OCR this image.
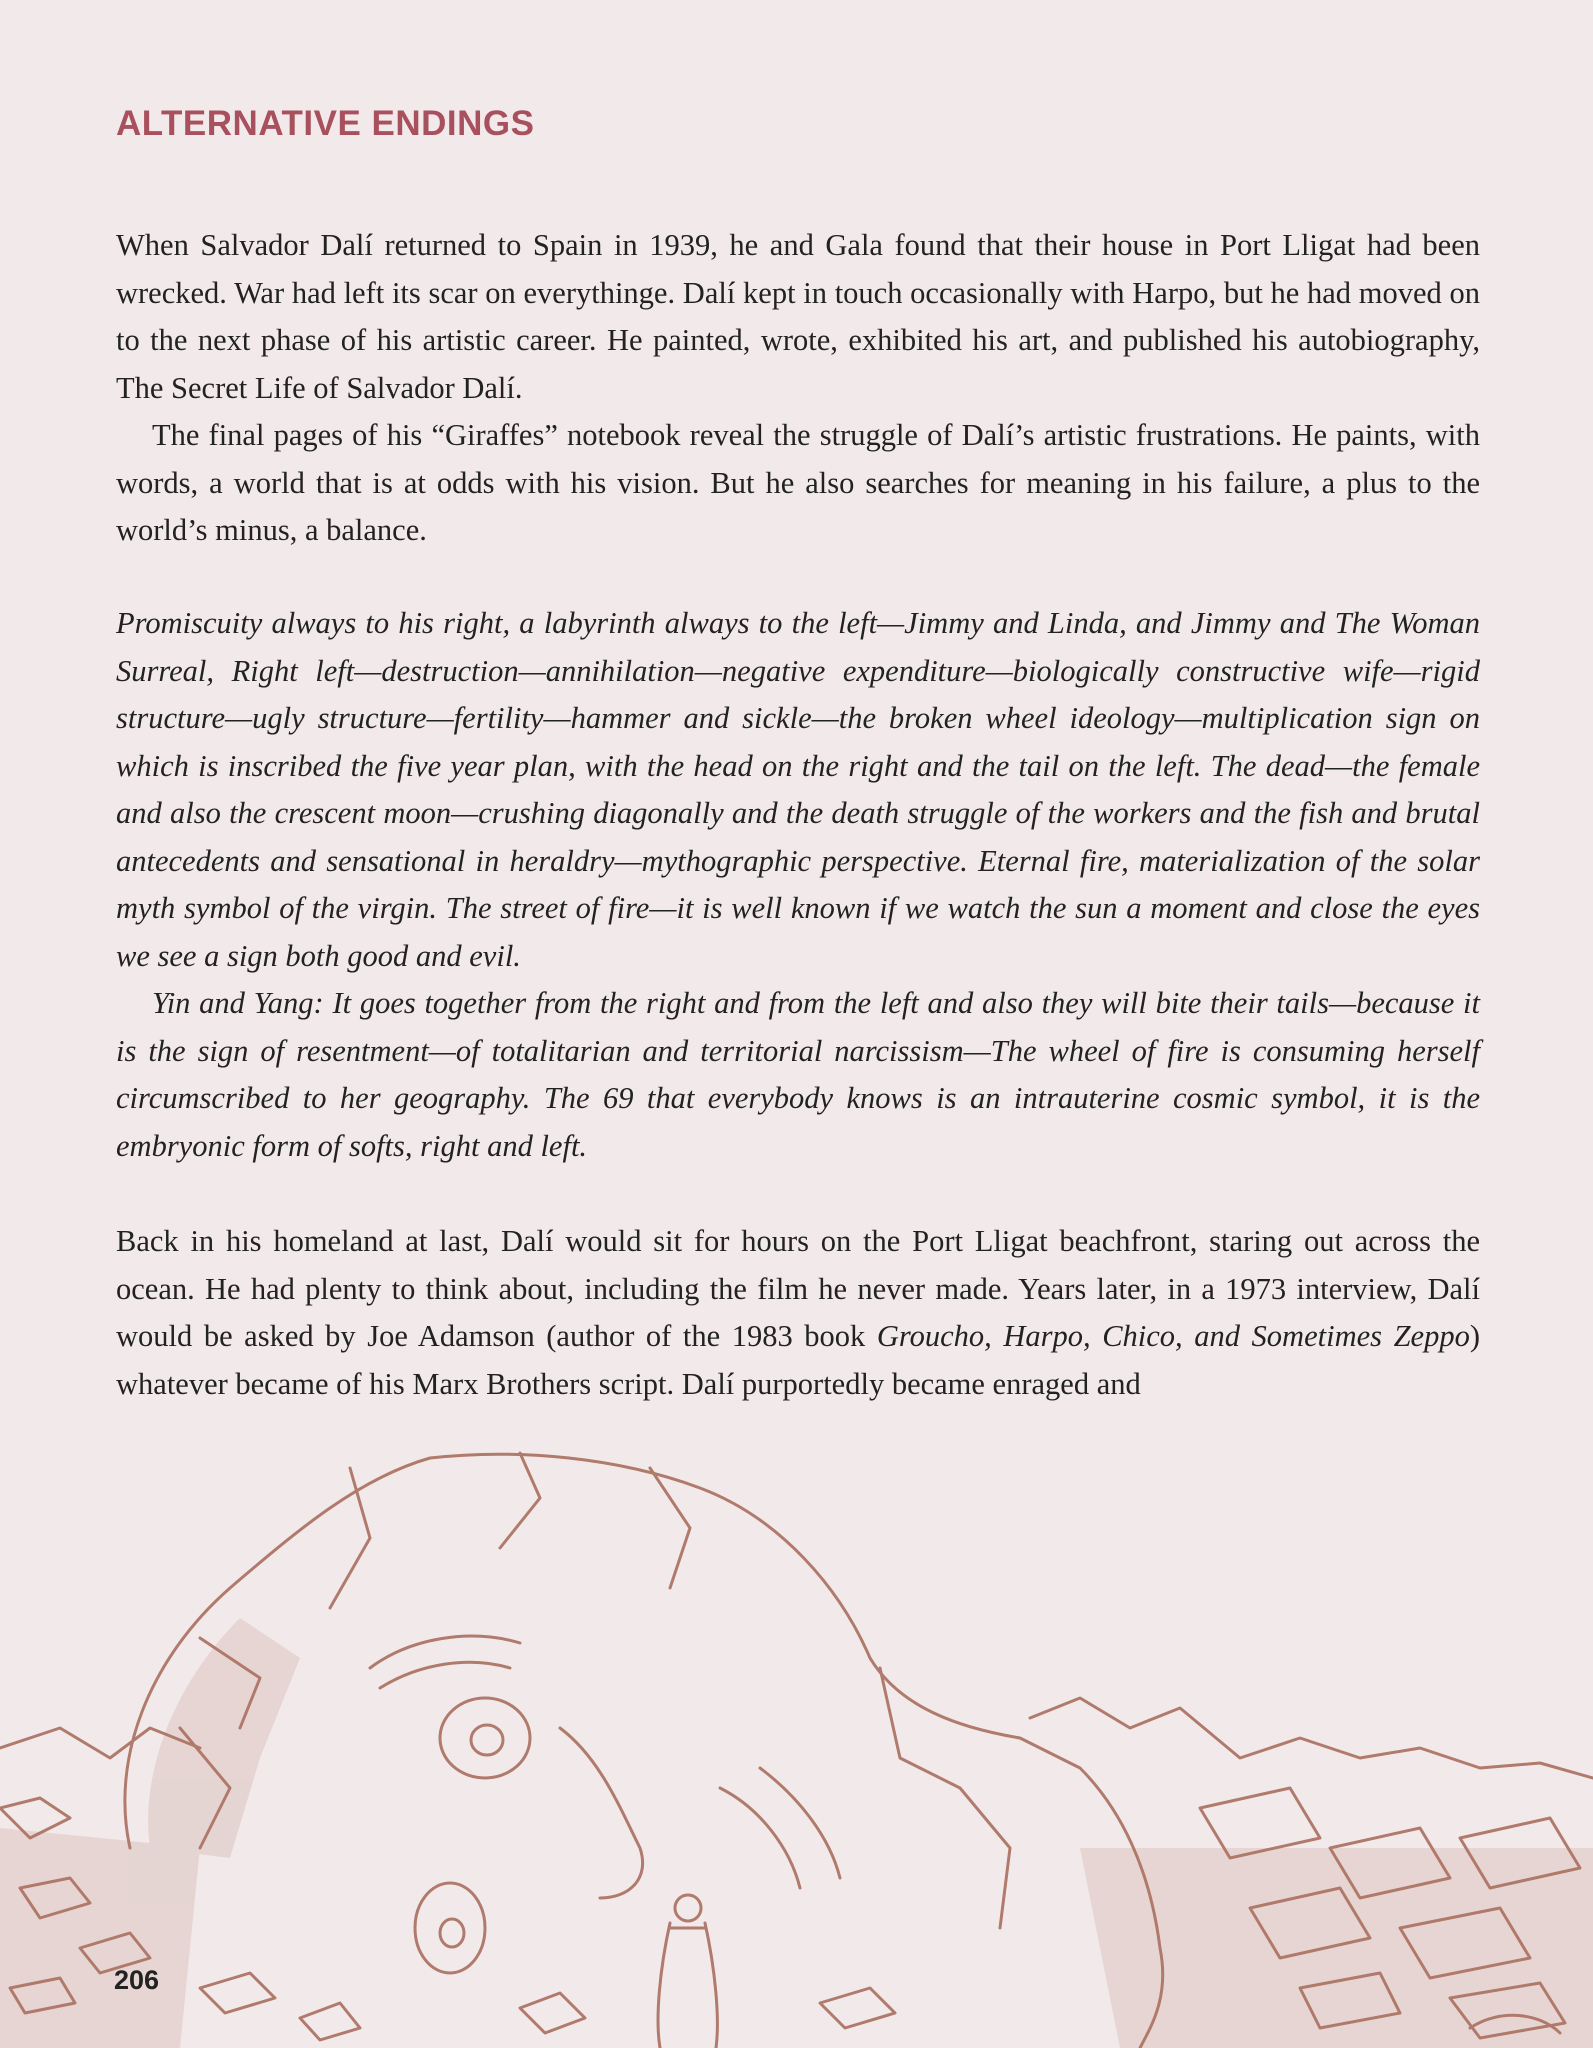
ALTERNATIVE ENDINGS

When Salvador Dalí returned to Spain in 1939, he and Gala found that their house in Port Lligat had been wrecked. War had left its scar on everythinge. Dalí kept in touch occasionally with Harpo, but he had moved on to the next phase of his artistic career. He painted, wrote, exhibited his art, and published his autobiography, The Secret Life of Salvador Dalí.

The final pages of his “Giraffes” notebook reveal the struggle of Dalí’s artistic frustrations. He paints, with words, a world that is at odds with his vision. But he also searches for meaning in his failure, a plus to the world’s minus, a balance.

Promiscuity always to his right, a labyrinth always to the left—Jimmy and Linda, and Jimmy and The Woman Surreal, Right left—destruction—annihilation—negative expenditure—biologically constructive wife—rigid structure—ugly structure—fertility—hammer and sickle—the broken wheel ideology—multiplication sign on which is inscribed the five year plan, with the head on the right and the tail on the left. The dead—the female and also the crescent moon—crushing diagonally and the death struggle of the workers and the fish and brutal antecedents and sensational in heraldry—mythographic perspective. Eternal fire, materialization of the solar myth symbol of the virgin. The street of fire—it is well known if we watch the sun a moment and close the eyes we see a sign both good and evil.

Yin and Yang: It goes together from the right and from the left and also they will bite their tails—because it is the sign of resentment—of totalitarian and territorial narcissism—The wheel of fire is consuming herself circumscribed to her geography. The 69 that everybody knows is an intrauterine cosmic symbol, it is the embryonic form of softs, right and left.

Back in his homeland at last, Dalí would sit for hours on the Port Lligat beachfront, staring out across the ocean. He had plenty to think about, including the film he never made. Years later, in a 1973 interview, Dalí would be asked by Joe Adamson (author of the 1983 book Groucho, Harpo, Chico, and Sometimes Zeppo) whatever became of his Marx Brothers script. Dalí purportedly became enraged and

206
